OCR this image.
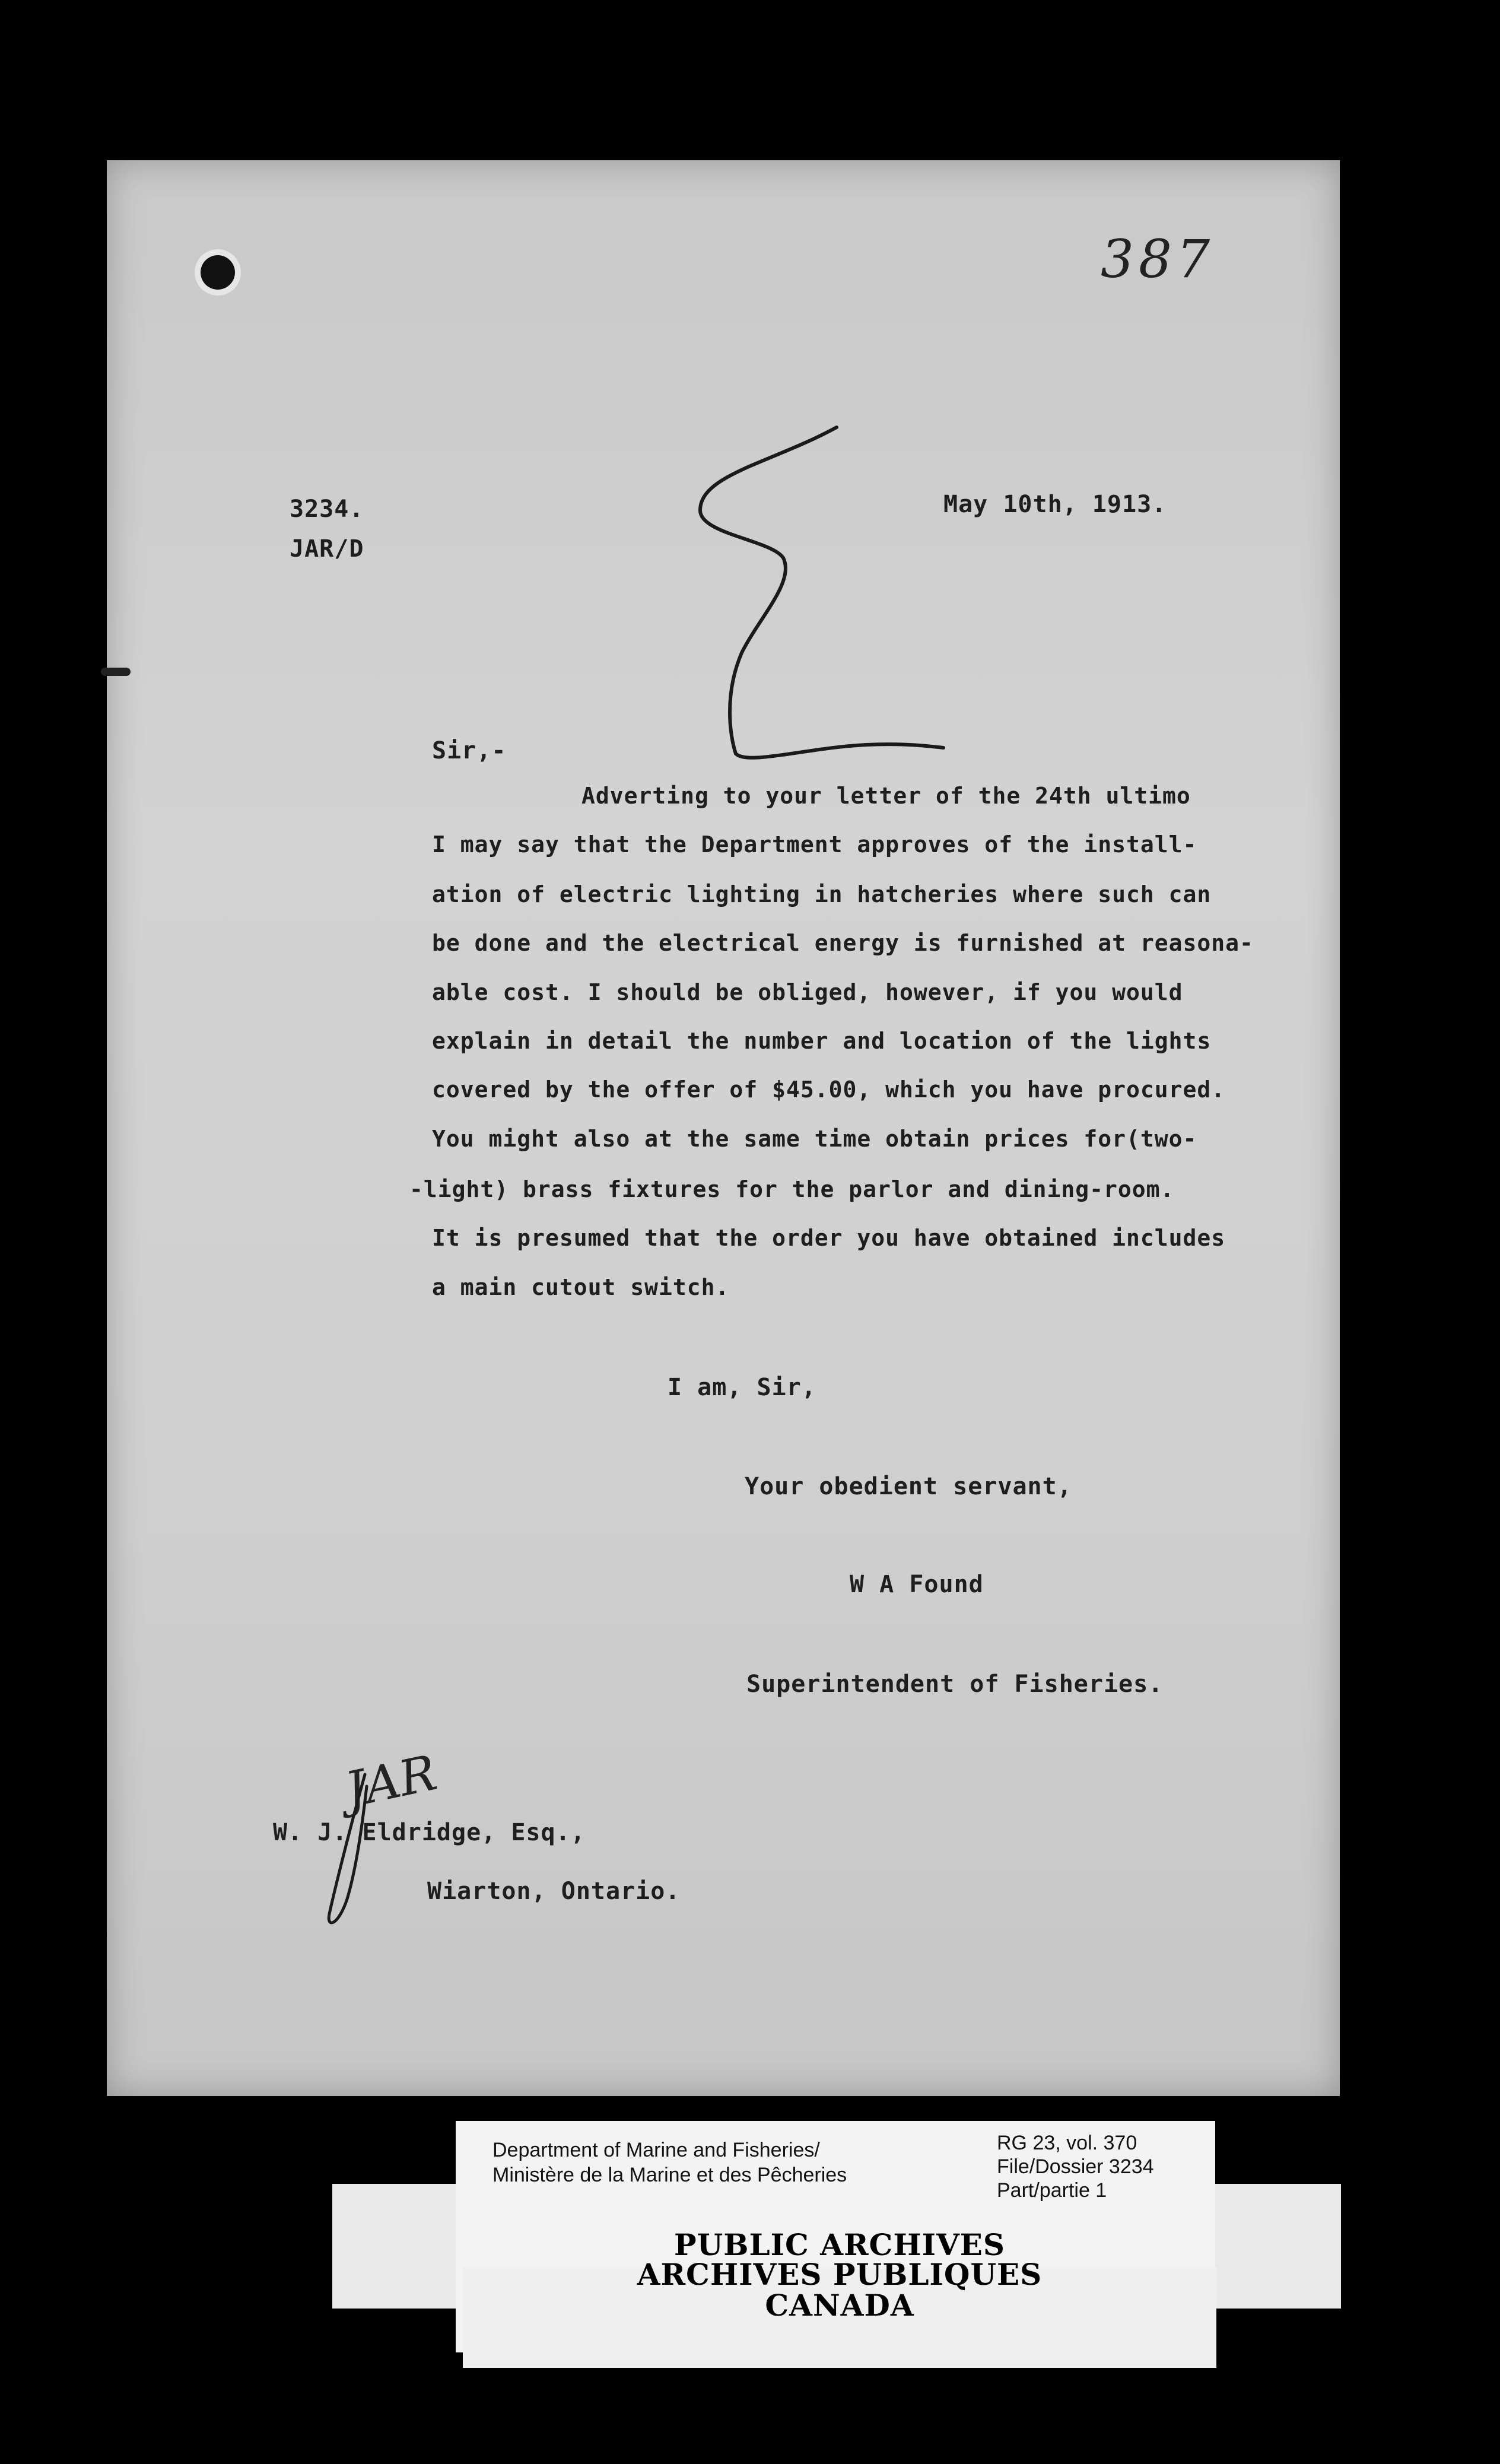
387
3234.
JAR/D
May 10th, 1913.
Sir,-
Adverting to your letter of the 24th ultimo
I may say that the Department approves of the install-
ation of electric lighting in hatcheries where such can
be done and the electrical energy is furnished at reasona-
able cost. I should be obliged, however, if you would
explain in detail the number and location of the lights
covered by the offer of $45.00, which you have procured.
You might also at the same time obtain prices for(two-
-light) brass fixtures for the parlor and dining-room.
It is presumed that the order you have obtained includes
a main cutout switch.
I am, Sir,
Your obedient servant,
W A Found
Superintendent of Fisheries.
W. J. Eldridge, Esq.,
Wiarton, Ontario.
JAR
Department of Marine and Fisheries/
Ministère de la Marine et des Pêcheries
RG 23, vol. 370
File/Dossier 3234
Part/partie 1
PUBLIC ARCHIVES
ARCHIVES PUBLIQUES
CANADA
